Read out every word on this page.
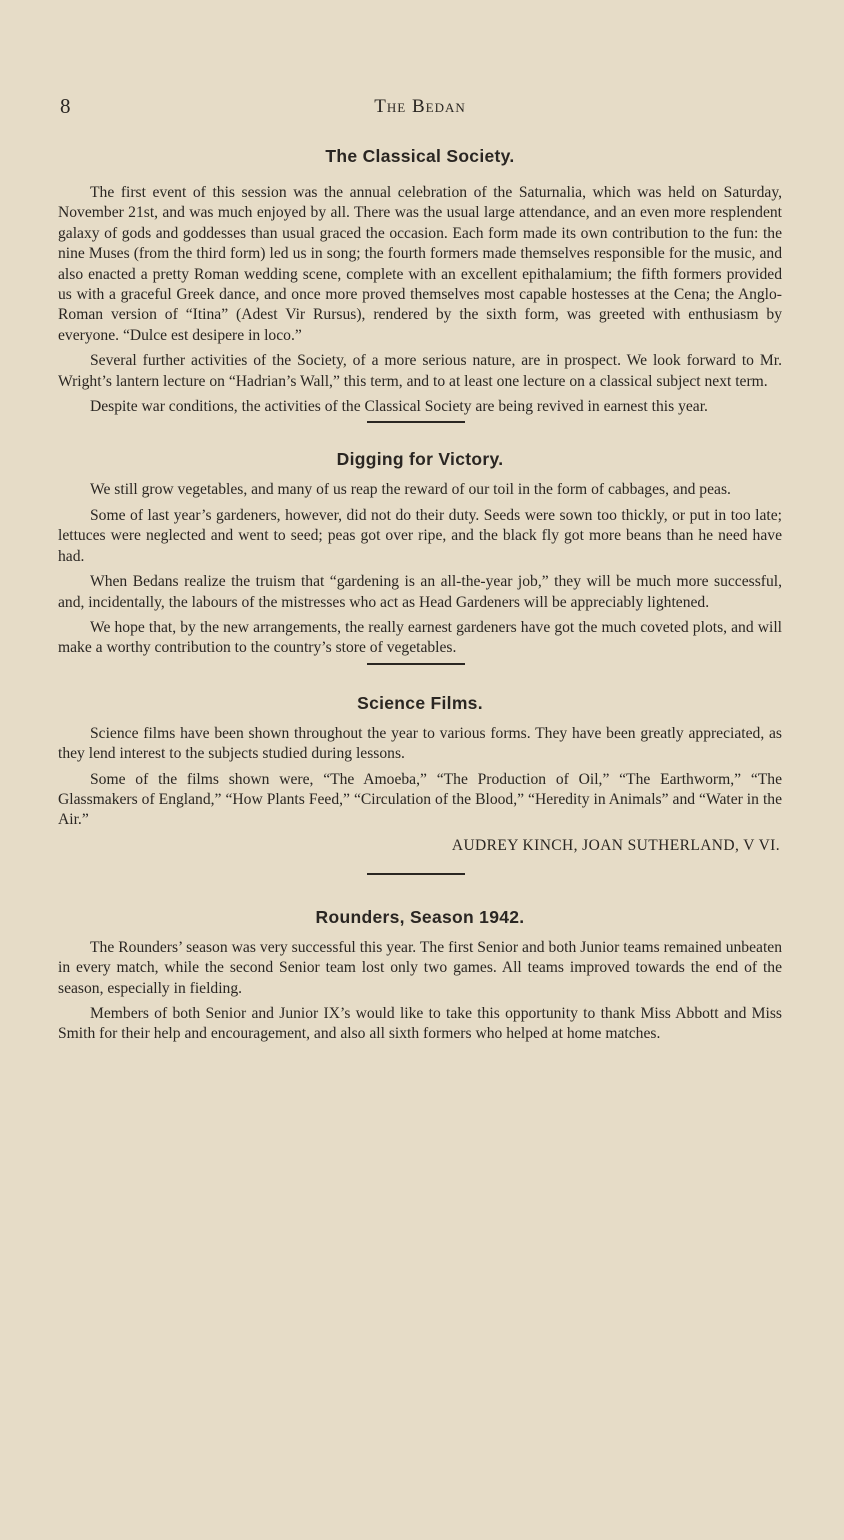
8	The Bedan
The Classical Society.

The first event of this session was the annual celebration of the Saturnalia, which was held on Saturday, November 21st, and was much enjoyed by all. There was the usual large attendance, and an even more resplendent galaxy of gods and goddesses than usual graced the occasion. Each form made its own contribution to the fun: the nine Muses (from the third form) led us in song; the fourth formers made themselves responsible for the music, and also enacted a pretty Roman wedding scene, complete with an excellent epithalamium; the fifth formers provided us with a graceful Greek dance, and once more proved themselves most capable hostesses at the Cena; the Anglo-Roman version of “Itina” (Adest Vir Rursus), rendered by the sixth form, was greeted with enthusiasm by everyone. “Dulce est desipere in loco.”

Several further activities of the Society, of a more serious nature, are in prospect. We look forward to Mr. Wright’s lantern lecture on “Hadrian’s Wall,” this term, and to at least one lecture on a classical subject next term.

Despite war conditions, the activities of the Classical Society are being revived in earnest this year.

Digging for Victory.

We still grow vegetables, and many of us reap the reward of our toil in the form of cabbages, and peas.

Some of last year’s gardeners, however, did not do their duty. Seeds were sown too thickly, or put in too late; lettuces were neglected and went to seed; peas got over ripe, and the black fly got more beans than he need have had.

When Bedans realize the truism that “gardening is an all-the-year job,” they will be much more successful, and, incidentally, the labours of the mistresses who act as Head Gardeners will be appreciably lightened.

We hope that, by the new arrangements, the really earnest gardeners have got the much coveted plots, and will make a worthy contribution to the country’s store of vegetables.

Science Films.

Science films have been shown throughout the year to various forms. They have been greatly appreciated, as they lend interest to the subjects studied during lessons.

Some of the films shown were, “The Amoeba,” “The Production of Oil,” “The Earthworm,” “The Glassmakers of England,” “How Plants Feed,” “Circulation of the Blood,” “Heredity in Animals” and “Water in the Air.”

AUDREY KINCH, JOAN SUTHERLAND, V VI.
Rounders, Season 1942.

The Rounders’ season was very successful this year. The first Senior and both Junior teams remained unbeaten in every match, while the second Senior team lost only two games. All teams improved towards the end of the season, especially in fielding.

Members of both Senior and Junior IX’s would like to take this opportunity to thank Miss Abbott and Miss Smith for their help and encouragement, and also all sixth formers who helped at home matches.
